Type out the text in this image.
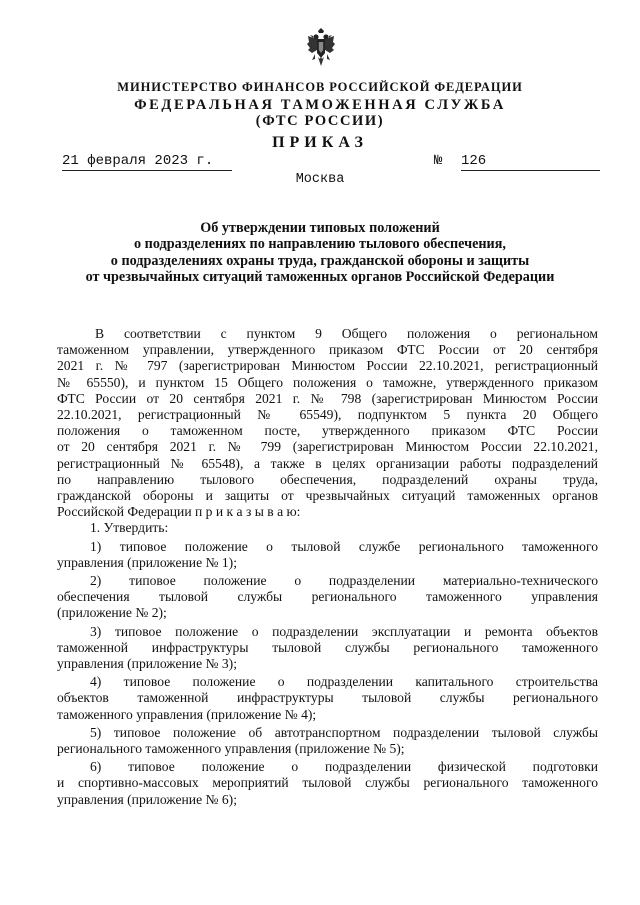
МИНИСТЕРСТВО ФИНАНСОВ РОССИЙСКОЙ ФЕДЕРАЦИИ
ФЕДЕРАЛЬНАЯ ТАМОЖЕННАЯ СЛУЖБА
(ФТС РОССИИ)
ПРИКАЗ
21 февраля 2023 г.	№ 126
Москва
Об утверждении типовых положений
о подразделениях по направлению тылового обеспечения,
о подразделениях охраны труда, гражданской обороны и защиты
от чрезвычайных ситуаций таможенных органов Российской Федерации

В соответствии с пунктом 9 Общего положения о региональном

таможенном управлении, утвержденного приказом ФТС России от 20 сентября

2021 г. № 797 (зарегистрирован Минюстом России 22.10.2021, регистрационный

№ 65550), и пунктом 15 Общего положения о таможне, утвержденного приказом

ФТС России от 20 сентября 2021 г. № 798 (зарегистрирован Минюстом России

22.10.2021, регистрационный № 65549), подпунктом 5 пункта 20 Общего

положения о таможенном посте, утвержденного приказом ФТС России

от 20 сентября 2021 г. № 799 (зарегистрирован Минюстом России 22.10.2021,

регистрационный № 65548), а также в целях организации работы подразделений

по направлению тылового обеспечения, подразделений охраны труда,

гражданской обороны и защиты от чрезвычайных ситуаций таможенных органов

Российской Федерации п р и к а з ы в а ю:

1. Утвердить:

1) типовое положение о тыловой службе регионального таможенного

управления (приложение № 1);

2) типовое положение о подразделении материально-технического

обеспечения тыловой службы регионального таможенного управления

(приложение № 2);

3) типовое положение о подразделении эксплуатации и ремонта объектов

таможенной инфраструктуры тыловой службы регионального таможенного

управления (приложение № 3);

4) типовое положение о подразделении капитального строительства

объектов таможенной инфраструктуры тыловой службы регионального

таможенного управления (приложение № 4);

5) типовое положение об автотранспортном подразделении тыловой службы

регионального таможенного управления (приложение № 5);

6) типовое положение о подразделении физической подготовки

и спортивно-массовых мероприятий тыловой службы регионального таможенного

управления (приложение № 6);
